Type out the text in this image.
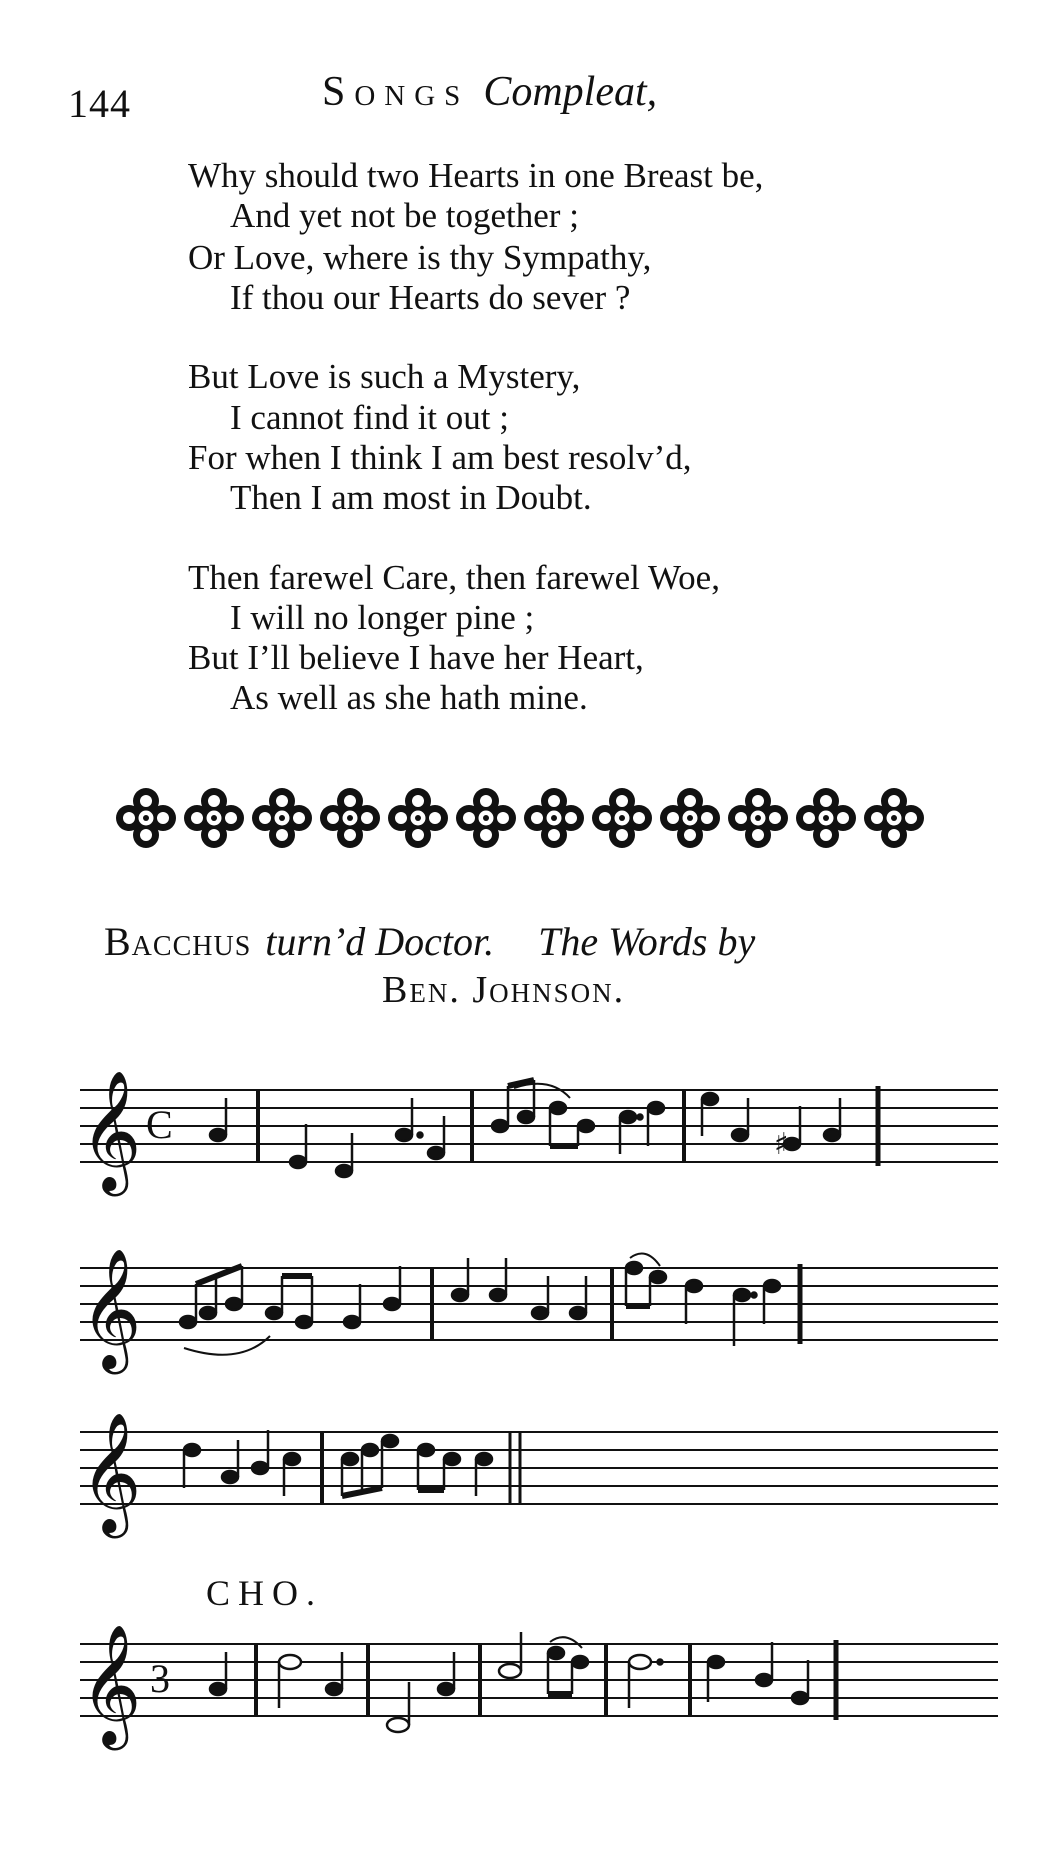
144	Songs Compleat,
Why should two Hearts in one Breast be,
And yet not be together ;
Or Love, where is thy Sympathy,
If thou our Hearts do sever ?
But Love is such a Mystery,
I cannot find it out ;
For when I think I am best resolv’d,
Then I am most in Doubt.
Then farewel Care, then farewel Woe,
I will no longer pine ;
But I’ll believe I have her Heart,
As well as she hath mine.
Bacchus turn’d Doctor. The Words by
Ben. Johnson.
𝄞 C	♯
𝄞
𝄞
CHO.
𝄞 3
